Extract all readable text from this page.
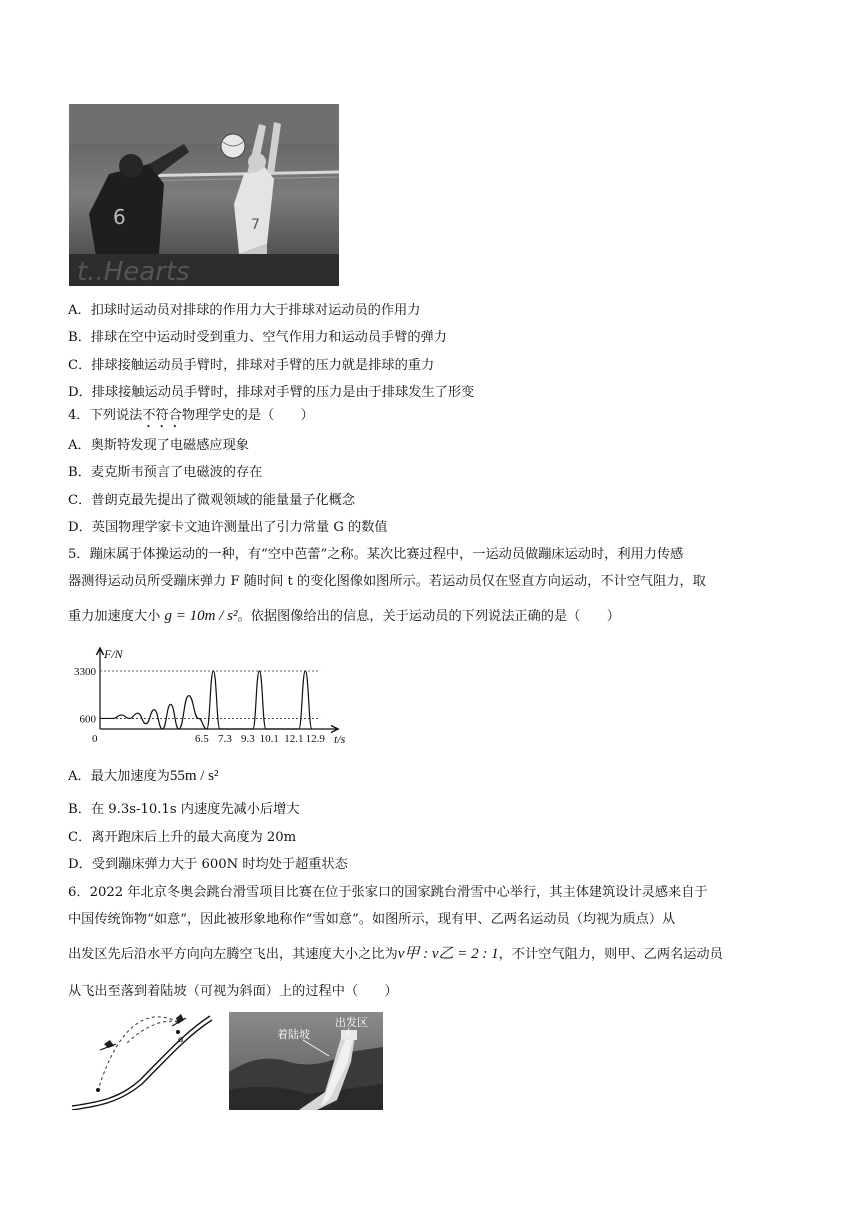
7
6
t..Hearts
A．扣球时运动员对排球的作用力大于排球对运动员的作用力
B．排球在空中运动时受到重力、空气作用力和运动员手臂的弹力
C．排球接触运动员手臂时，排球对手臂的压力就是排球的重力
D．排球接触运动员手臂时，排球对手臂的压力是由于排球发生了形变
4．下列说法不符合物理学史的是（　　）
A．奥斯特发现了电磁感应现象
B．麦克斯韦预言了电磁波的存在
C．普朗克最先提出了微观领域的能量量子化概念
D．英国物理学家卡文迪许测量出了引力常量 G 的数值
5．蹦床属于体操运动的一种，有“空中芭蕾”之称。某次比赛过程中，一运动员做蹦床运动时，利用力传感
器测得运动员所受蹦床弹力 F 随时间 t 的变化图像如图所示。若运动员仅在竖直方向运动，不计空气阻力，取
重力加速度大小 g = 10m / s²。依据图像给出的信息，关于运动员的下列说法正确的是（　　）
600
3300
0	6.5 7.3 9.3 10.1 12.1 12.9 t/s
F/N
A．最大加速度为55m / s²
B．在 9.3s-10.1s 内速度先减小后增大
C．离开跑床后上升的最大高度为 20m
D．受到蹦床弹力大于 600N 时均处于超重状态
6．2022 年北京冬奥会跳台滑雪项目比赛在位于张家口的国家跳台滑雪中心举行，其主体建筑设计灵感来自于
中国传统饰物“如意”，因此被形象地称作“雪如意”。如图所示，现有甲、乙两名运动员（均视为质点）从
出发区先后沿水平方向向左腾空飞出，其速度大小之比为v甲 : v乙 = 2 : 1，不计空气阻力，则甲、乙两名运动员
从飞出至落到着陆坡（可视为斜面）上的过程中（　　）
a	着陆坡
出发区
